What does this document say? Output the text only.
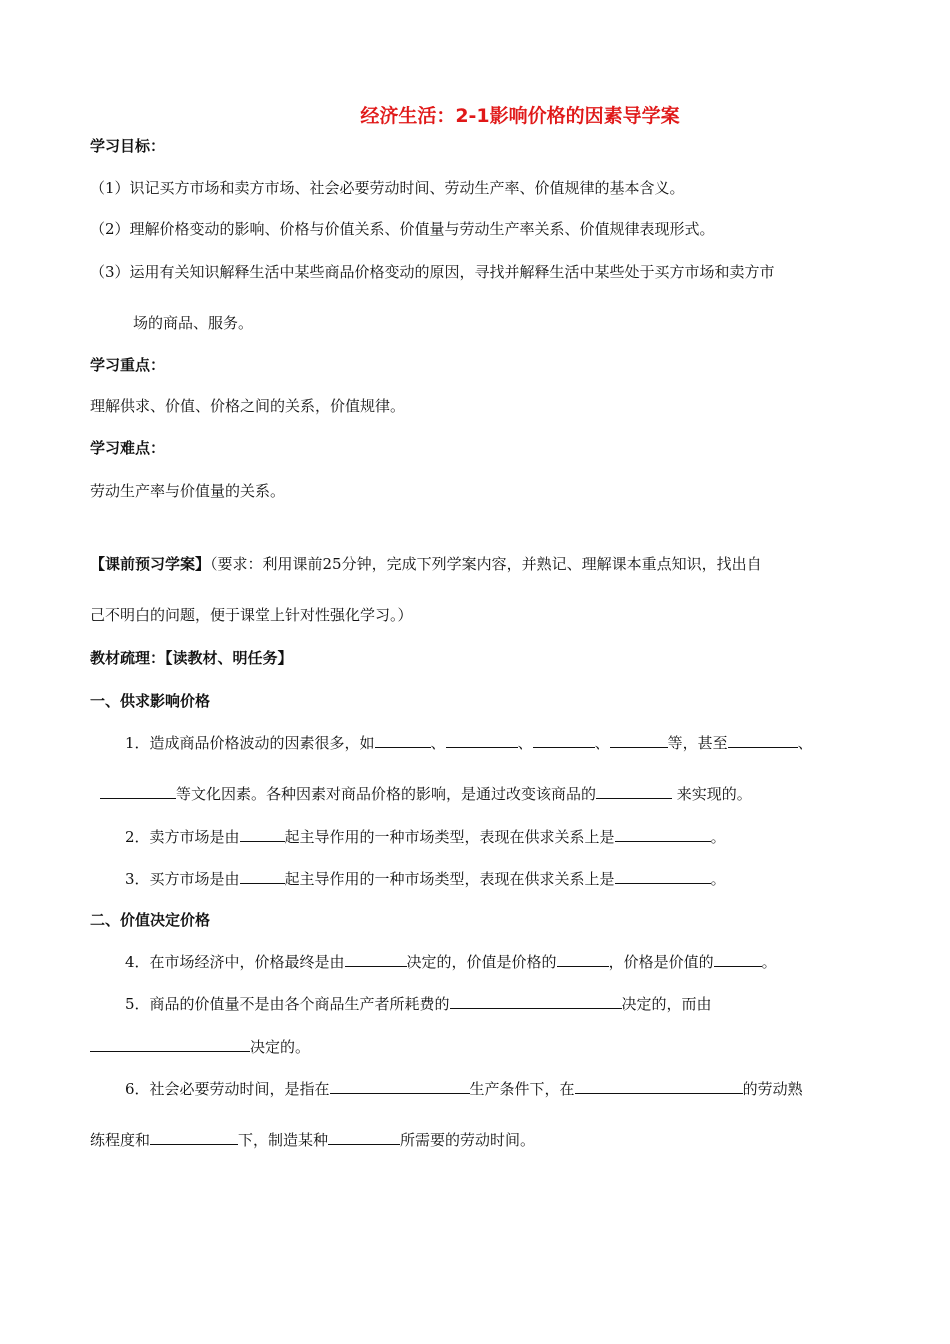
经济生活：2-1影响价格的因素导学案
学习目标：
（1）识记买方市场和卖方市场、社会必要劳动时间、劳动生产率、价值规律的基本含义。
（2）理解价格变动的影响、价格与价值关系、价值量与劳动生产率关系、价值规律表现形式。
（3）运用有关知识解释生活中某些商品价格变动的原因，寻找并解释生活中某些处于买方市场和卖方市
场的商品、服务。
学习重点：
理解供求、价值、价格之间的关系，价值规律。
学习难点：
劳动生产率与价值量的关系。
【课前预习学案】（要求：利用课前25分钟，完成下列学案内容，并熟记、理解课本重点知识，找出自
己不明白的问题，便于课堂上针对性强化学习。）
教材疏理：【读教材、明任务】
一、供求影响价格
1．造成商品价格波动的因素很多，如	、	、	、	等，甚至	、
等文化因素。各种因素对商品价格的影响，是通过改变该商品的	来实现的。
2．卖方市场是由	起主导作用的一种市场类型，表现在供求关系上是	。
3．买方市场是由	起主导作用的一种市场类型，表现在供求关系上是	。
二、价值决定价格
4．在市场经济中，价格最终是由	决定的，价值是价格的	，价格是价值的	。
5．商品的价值量不是由各个商品生产者所耗费的	决定的，而由
决定的。
6．社会必要劳动时间，是指在	生产条件下，在	的劳动熟
练程度和	下，制造某种	所需要的劳动时间。
